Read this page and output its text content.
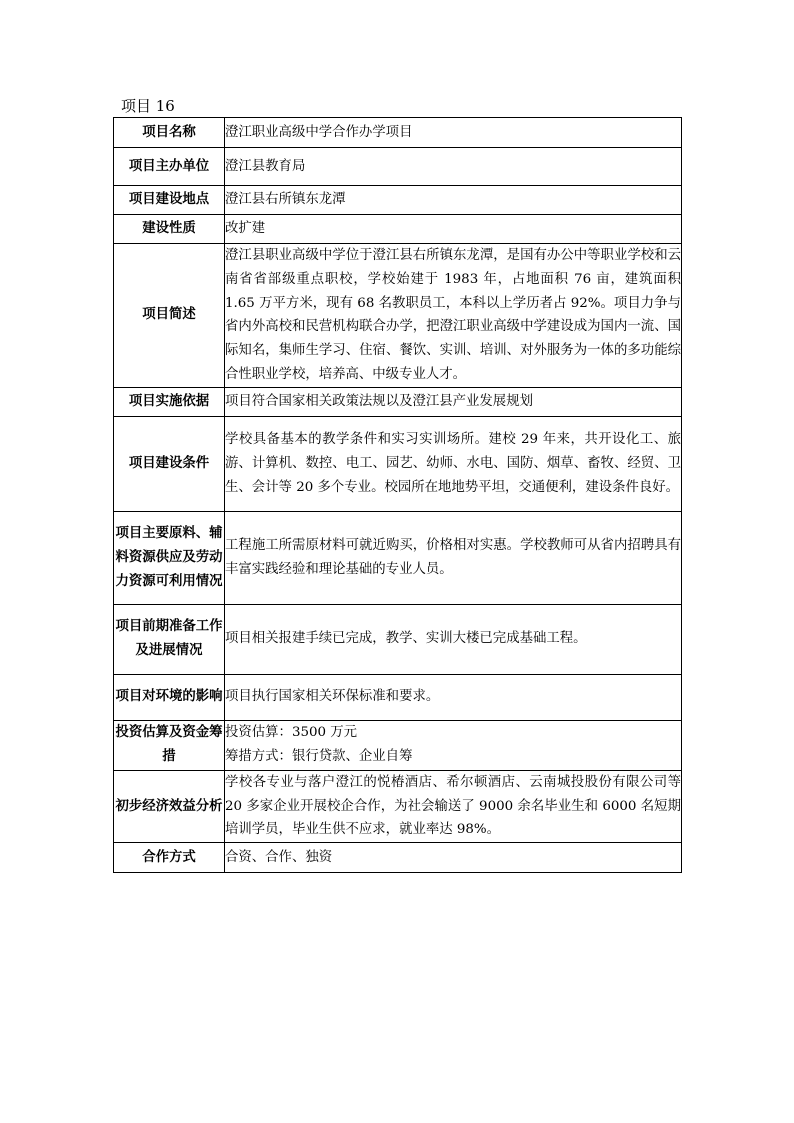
项目 16

项目名称	澄江职业高级中学合作办学项目

项目主办单位	澄江县教育局

项目建设地点	澄江县右所镇东龙潭

建设性质	改扩建

项目简述	澄江县职业高级中学位于澄江县右所镇东龙潭，是国有办公中等职业学校和云南省省部级重点职校，学校始建于 1983 年，占地面积 76 亩，建筑面积 1.65 万平方米，现有 68 名教职员工，本科以上学历者占 92%。项目力争与省内外高校和民营机构联合办学，把澄江职业高级中学建设成为国内一流、国际知名，集师生学习、住宿、餐饮、实训、培训、对外服务为一体的多功能综合性职业学校，培养高、中级专业人才。

项目实施依据	项目符合国家相关政策法规以及澄江县产业发展规划

项目建设条件	学校具备基本的教学条件和实习实训场所。建校 29 年来，共开设化工、旅游、计算机、数控、电工、园艺、幼师、水电、国防、烟草、畜牧、经贸、卫生、会计等 20 多个专业。校园所在地地势平坦，交通便利，建设条件良好。

项目主要原料、辅料资源供应及劳动力资源可利用情况	工程施工所需原材料可就近购买，价格相对实惠。学校教师可从省内招聘具有丰富实践经验和理论基础的专业人员。

项目前期准备工作及进展情况	项目相关报建手续已完成，教学、实训大楼已完成基础工程。

项目对环境的影响	项目执行国家相关环保标准和要求。

投资估算及资金筹措	投资估算：3500 万元
筹措方式：银行贷款、企业自筹

初步经济效益分析	学校各专业与落户澄江的悦椿酒店、希尔顿酒店、云南城投股份有限公司等 20 多家企业开展校企合作，为社会输送了 9000 余名毕业生和 6000 名短期培训学员，毕业生供不应求，就业率达 98%。

合作方式	合资、合作、独资
